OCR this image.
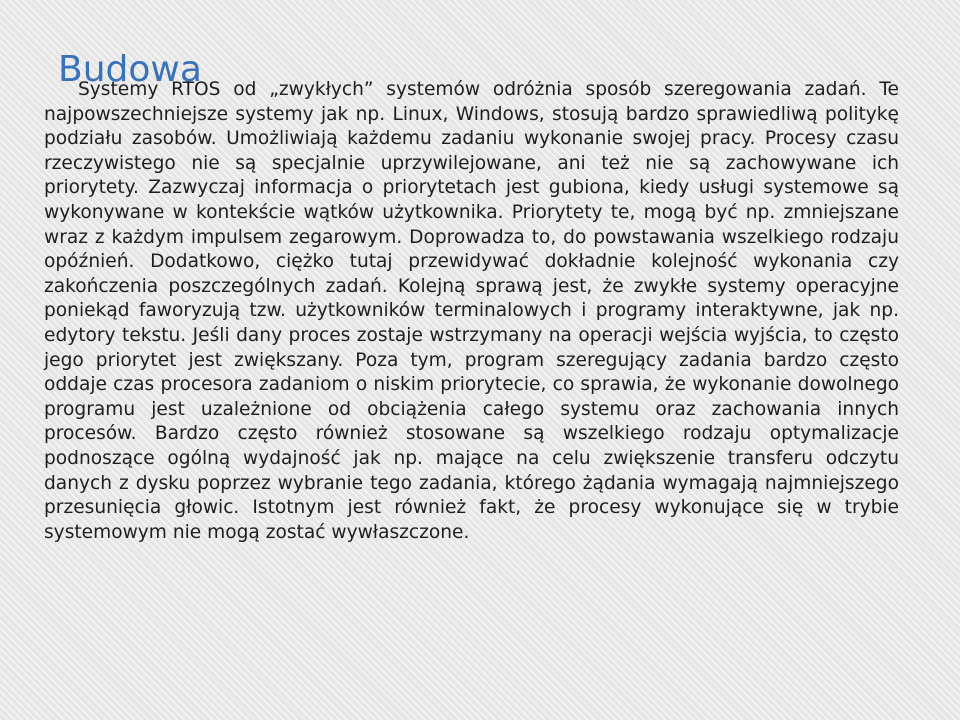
Systemy RTOS od „zwykłych” systemów odróżnia sposób szeregowania zadań. Te najpowszechniejsze systemy jak np. Linux, Windows, stosują bardzo sprawiedliwą politykę podziału zasobów. Umożliwiają każdemu zadaniu wykonanie swojej pracy. Procesy czasu rzeczywistego nie są specjalnie uprzywilejowane, ani też nie są zachowywane ich priorytety. Zazwyczaj informacja o priorytetach jest gubiona, kiedy usługi systemowe są wykonywane w kontekście wątków użytkownika. Priorytety te, mogą być np. zmniejszane wraz z każdym impulsem zegarowym. Doprowadza to, do powstawania wszelkiego rodzaju opóźnień. Dodatkowo, ciężko tutaj przewidywać dokładnie kolejność wykonania czy zakończenia poszczególnych zadań. Kolejną sprawą jest, że zwykłe systemy operacyjne poniekąd faworyzują tzw. użytkowników terminalowych i programy interaktywne, jak np. edytory tekstu. Jeśli dany proces zostaje wstrzymany na operacji wejścia wyjścia, to często jego priorytet jest zwiększany. Poza tym, program szeregujący zadania bardzo często oddaje czas procesora zadaniom o niskim priorytecie, co sprawia, że wykonanie dowolnego programu jest uzależnione od obciążenia całego systemu oraz zachowania innych procesów. Bardzo często również stosowane są wszelkiego rodzaju optymalizacje podnoszące ogólną wydajność jak np. mające na celu zwiększenie transferu odczytu danych z dysku poprzez wybranie tego zadania, którego żądania wymagają najmniejszego przesunięcia głowic. Istotnym jest również fakt, że procesy wykonujące się w trybie systemowym nie mogą zostać wywłaszczone.

Budowa
